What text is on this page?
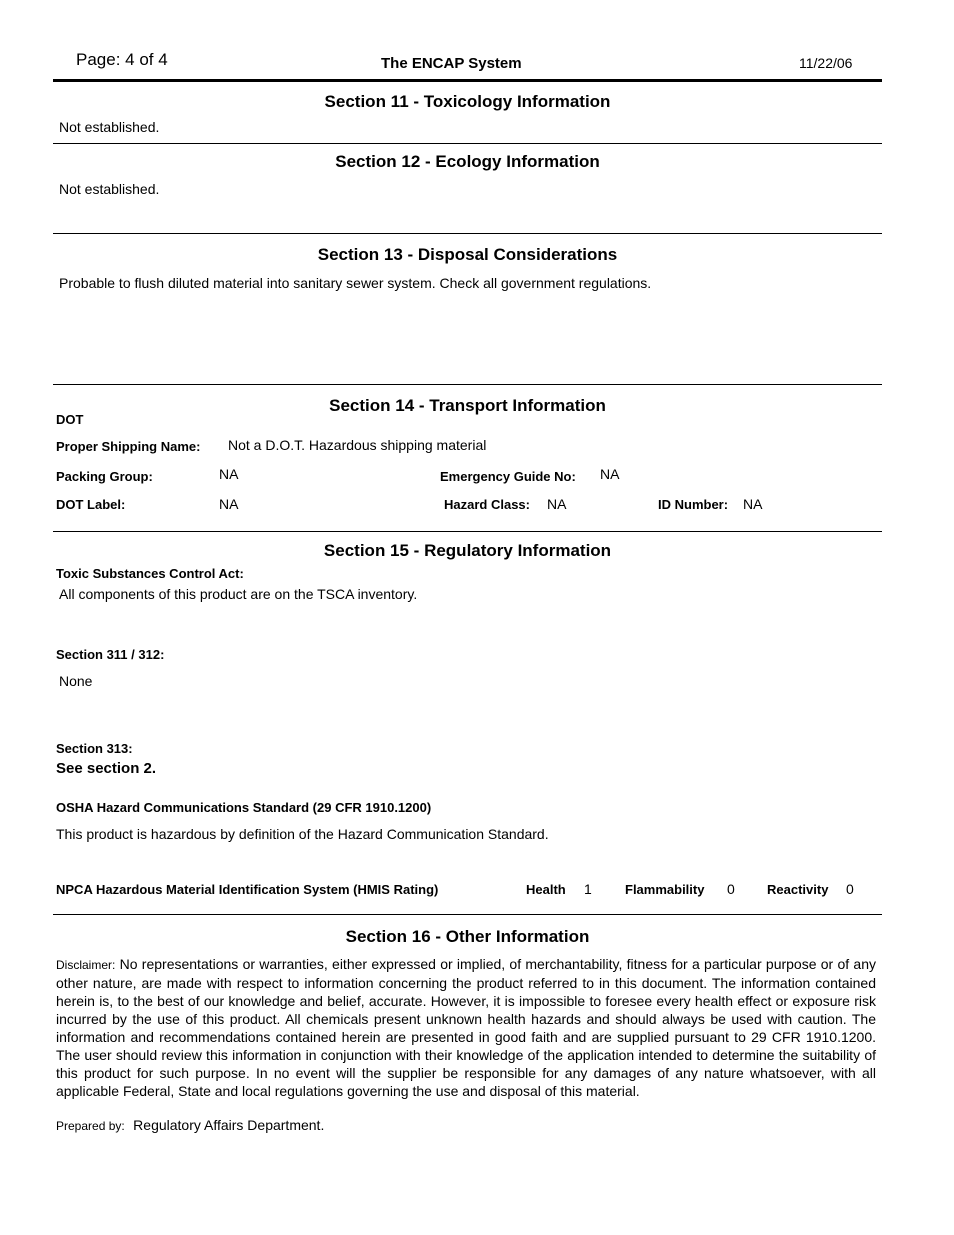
Page: 4 of 4	The ENCAP System	11/22/06
Section 11 - Toxicology Information
Not established.
Section 12 - Ecology Information
Not established.
Section 13 - Disposal Considerations
Probable to flush diluted material into sanitary sewer system. Check all government regulations.
Section 14 - Transport Information
DOT
Proper Shipping Name: Not a D.O.T. Hazardous shipping material
Packing Group:	NA	Emergency Guide No: NA
DOT Label:	NA	Hazard Class: NA	ID Number: NA
Section 15 - Regulatory Information
Toxic Substances Control Act:
All components of this product are on the TSCA inventory.
Section 311 / 312:
None
Section 313:
See section 2.
OSHA Hazard Communications Standard (29 CFR 1910.1200)
This product is hazardous by definition of the Hazard Communication Standard.
NPCA Hazardous Material Identification System (HMIS Rating)	Health 1	Flammability 0 Reactivity 0
Section 16 - Other Information
Disclaimer: No representations or warranties, either expressed or implied, of merchantability, fitness for a particular purpose or of any other nature, are made with respect to information concerning the product referred to in this document. The information contained herein is, to the best of our knowledge and belief, accurate. However, it is impossible to foresee every health effect or exposure risk incurred by the use of this product. All chemicals present unknown health hazards and should always be used with caution. The information and recommendations contained herein are presented in good faith and are supplied pursuant to 29 CFR 1910.1200. The user should review this information in conjunction with their knowledge of the application intended to determine the suitability of this product for such purpose. In no event will the supplier be responsible for any damages of any nature whatsoever, with all applicable Federal, State and local regulations governing the use and disposal of this material.
Prepared by: Regulatory Affairs Department.
